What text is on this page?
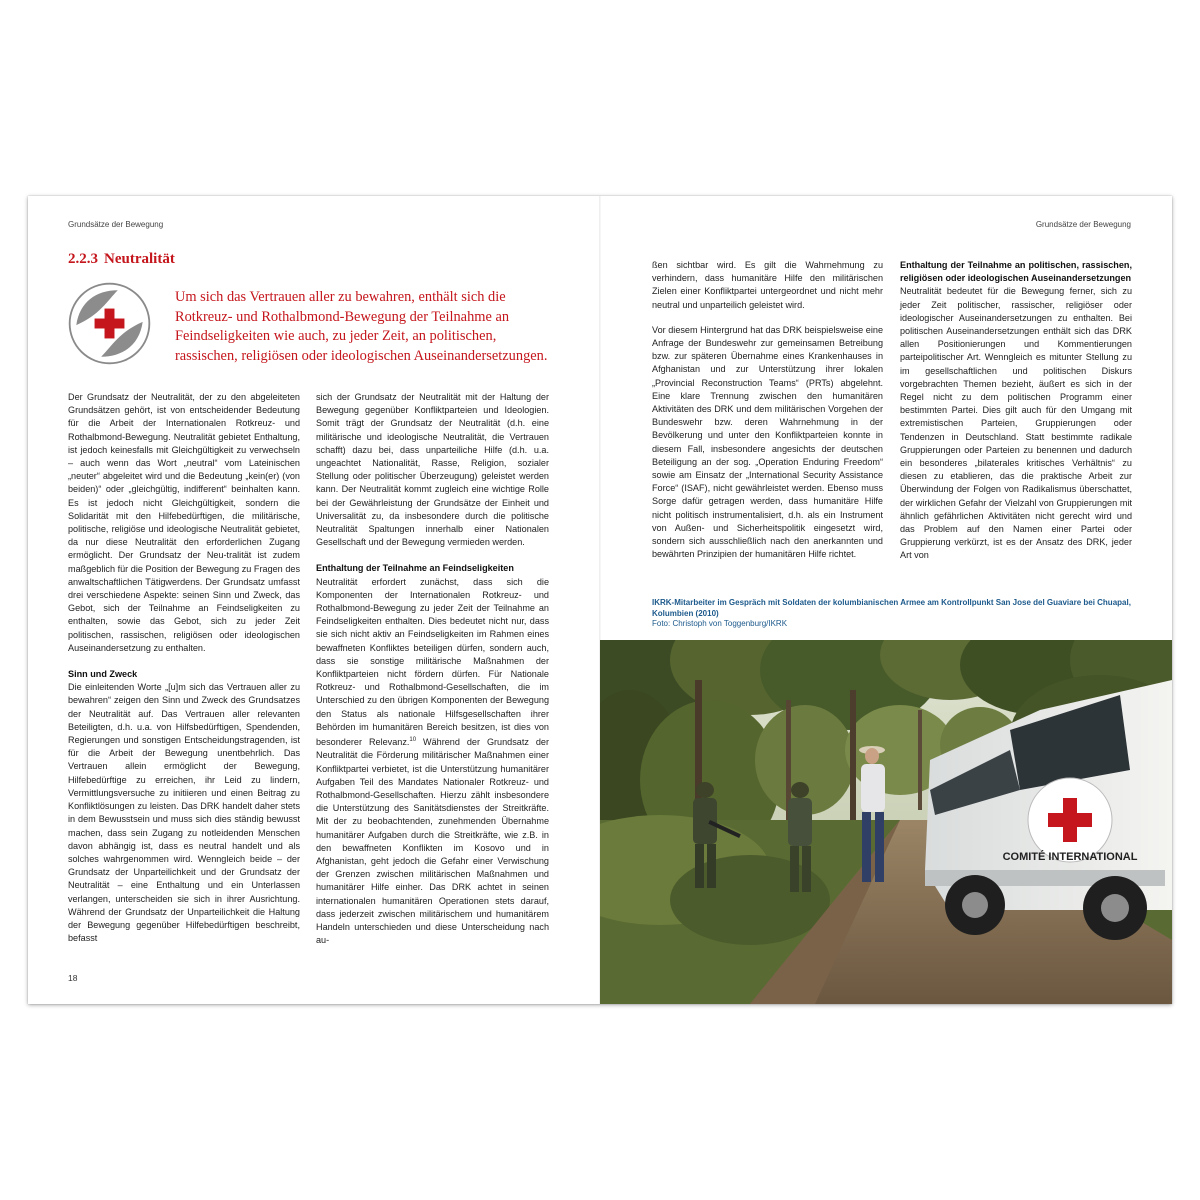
Grundsätze der Bewegung
2.2.3 Neutralität

Um sich das Vertrauen aller zu bewahren, enthält sich die Rotkreuz- und Rothalbmond-Bewegung der Teilnahme an Feindseligkeiten wie auch, zu jeder Zeit, an politischen, rassischen, religiösen oder ideologischen Auseinandersetzungen.

Der Grundsatz der Neutralität, der zu den abgeleiteten Grundsätzen gehört, ist von entscheidender Bedeutung für die Arbeit der Internationalen Rotkreuz- und Rothalbmond-Bewegung. Neutralität gebietet Enthaltung, ist jedoch keinesfalls mit Gleichgültigkeit zu verwechseln – auch wenn das Wort „neutral“ vom Lateinischen „neuter“ abgeleitet wird und die Bedeutung „kein(er) (von beiden)“ oder „gleichgültig, indifferent“ beinhalten kann. Es ist jedoch nicht Gleichgültigkeit, sondern die Solidarität mit den Hilfebedürftigen, die militärische, politische, religiöse und ideologische Neutralität gebietet, da nur diese Neutralität den erforderlichen Zugang ermöglicht. Der Grundsatz der Neu-tralität ist zudem maßgeblich für die Position der Bewegung zu Fragen des anwaltschaftlichen Tätigwerdens. Der Grundsatz umfasst drei verschiedene Aspekte: seinen Sinn und Zweck, das Gebot, sich der Teilnahme an Feindseligkeiten zu enthalten, sowie das Gebot, sich zu jeder Zeit politischen, rassischen, religiösen oder ideologischen Auseinandersetzung zu enthalten.

Sinn und Zweck

Die einleitenden Worte „[u]m sich das Vertrauen aller zu bewahren“ zeigen den Sinn und Zweck des Grundsatzes der Neutralität auf. Das Vertrauen aller relevanten Beteiligten, d.h. u.a. von Hilfsbedürftigen, Spendenden, Regierungen und sonstigen Entscheidungstragenden, ist für die Arbeit der Bewegung unentbehrlich. Das Vertrauen allein ermöglicht der Bewegung, Hilfebedürftige zu erreichen, ihr Leid zu lindern, Vermittlungsversuche zu initiieren und einen Beitrag zu Konfliktlösungen zu leisten. Das DRK handelt daher stets in dem Bewusstsein und muss sich dies ständig bewusst machen, dass sein Zugang zu notleidenden Menschen davon abhängig ist, dass es neutral handelt und als solches wahrgenommen wird. Wenngleich beide – der Grundsatz der Unparteilichkeit und der Grundsatz der Neutralität – eine Enthaltung und ein Unterlassen verlangen, unterscheiden sie sich in ihrer Ausrichtung. Während der Grundsatz der Unparteilichkeit die Haltung der Bewegung gegenüber Hilfebedürftigen beschreibt, befasst

sich der Grundsatz der Neutralität mit der Haltung der Bewegung gegenüber Konfliktparteien und Ideologien. Somit trägt der Grundsatz der Neutralität (d.h. eine militärische und ideologische Neutralität, die Vertrauen schafft) dazu bei, dass unparteiliche Hilfe (d.h. u.a. ungeachtet Nationalität, Rasse, Religion, sozialer Stellung oder politischer Überzeugung) geleistet werden kann. Der Neutralität kommt zugleich eine wichtige Rolle bei der Gewährleistung der Grundsätze der Einheit und Universalität zu, da insbesondere durch die politische Neutralität Spaltungen innerhalb einer Nationalen Gesellschaft und der Bewegung vermieden werden.

Enthaltung der Teilnahme an Feindseligkeiten

Neutralität erfordert zunächst, dass sich die Komponenten der Internationalen Rotkreuz- und Rothalbmond-Bewegung zu jeder Zeit der Teilnahme an Feindseligkeiten enthalten. Dies bedeutet nicht nur, dass sie sich nicht aktiv an Feindseligkeiten im Rahmen eines bewaffneten Konfliktes beteiligen dürfen, sondern auch, dass sie sonstige militärische Maßnahmen der Konfliktparteien nicht fördern dürfen. Für Nationale Rotkreuz- und Rothalbmond-Gesellschaften, die im Unterschied zu den übrigen Komponenten der Bewegung den Status als nationale Hilfsgesellschaften ihrer Behörden im humanitären Bereich besitzen, ist dies von besonderer Relevanz.$^{10}$ Während der Grundsatz der Neutralität die Förderung militärischer Maßnahmen einer Konfliktpartei verbietet, ist die Unterstützung humanitärer Aufgaben Teil des Mandates Nationaler Rotkreuz- und Rothalbmond-Gesellschaften. Hierzu zählt insbesondere die Unterstützung des Sanitätsdienstes der Streitkräfte. Mit der zu beobachtenden, zunehmenden Übernahme humanitärer Aufgaben durch die Streitkräfte, wie z.B. in den bewaffneten Konflikten im Kosovo und in Afghanistan, geht jedoch die Gefahr einer Verwischung der Grenzen zwischen militärischen Maßnahmen und humanitärer Hilfe einher. Das DRK achtet in seinen internationalen humanitären Operationen stets darauf, dass jederzeit zwischen militärischem und humanitärem Handeln unterschieden und diese Unterscheidung nach au-

18
Grundsätze der Bewegung

ßen sichtbar wird. Es gilt die Wahrnehmung zu verhindern, dass humanitäre Hilfe den militärischen Zielen einer Konfliktpartei untergeordnet und nicht mehr neutral und unparteilich geleistet wird.

Vor diesem Hintergrund hat das DRK beispielsweise eine Anfrage der Bundeswehr zur gemeinsamen Betreibung bzw. zur späteren Übernahme eines Krankenhauses in Afghanistan und zur Unterstützung ihrer lokalen „Provincial Reconstruction Teams“ (PRTs) abgelehnt. Eine klare Trennung zwischen den humanitären Aktivitäten des DRK und dem militärischen Vorgehen der Bundeswehr bzw. deren Wahrnehmung in der Bevölkerung und unter den Konfliktparteien konnte in diesem Fall, insbesondere angesichts der deutschen Beteiligung an der sog. „Operation Enduring Freedom“ sowie am Einsatz der „International Security Assistance Force“ (ISAF), nicht gewährleistet werden. Ebenso muss Sorge dafür getragen werden, dass humanitäre Hilfe nicht politisch instrumentalisiert, d.h. als ein Instrument von Außen- und Sicherheitspolitik eingesetzt wird, sondern sich ausschließlich nach den anerkannten und bewährten Prinzipien der humanitären Hilfe richtet.

Enthaltung der Teilnahme an politischen, rassischen, religiösen oder ideologischen Auseinandersetzungen

Neutralität bedeutet für die Bewegung ferner, sich zu jeder Zeit politischer, rassischer, religiöser oder ideologischer Auseinandersetzungen zu enthalten. Bei politischen Auseinandersetzungen enthält sich das DRK allen Positionierungen und Kommentierungen parteipolitischer Art. Wenngleich es mitunter Stellung zu im gesellschaftlichen und politischen Diskurs vorgebrachten Themen bezieht, äußert es sich in der Regel nicht zu dem politischen Programm einer bestimmten Partei. Dies gilt auch für den Umgang mit extremistischen Parteien, Gruppierungen oder Tendenzen in Deutschland. Statt bestimmte radikale Gruppierungen oder Parteien zu benennen und dadurch ein besonderes „bilaterales kritisches Verhältnis“ zu diesen zu etablieren, das die praktische Arbeit zur Überwindung der Folgen von Radikalismus überschattet, der wirklichen Gefahr der Vielzahl von Gruppierungen mit ähnlich gefährlichen Aktivitäten nicht gerecht wird und das Problem auf den Namen einer Partei oder Gruppierung verkürzt, ist es der Ansatz des DRK, jeder Art von

IKRK-Mitarbeiter im Gespräch mit Soldaten der kolumbianischen Armee am Kontrollpunkt San Jose del Guaviare bei Chuapal, Kolumbien (2010)
Foto: Christoph von Toggenburg/IKRK
COMITÉ INTERNATIONAL
